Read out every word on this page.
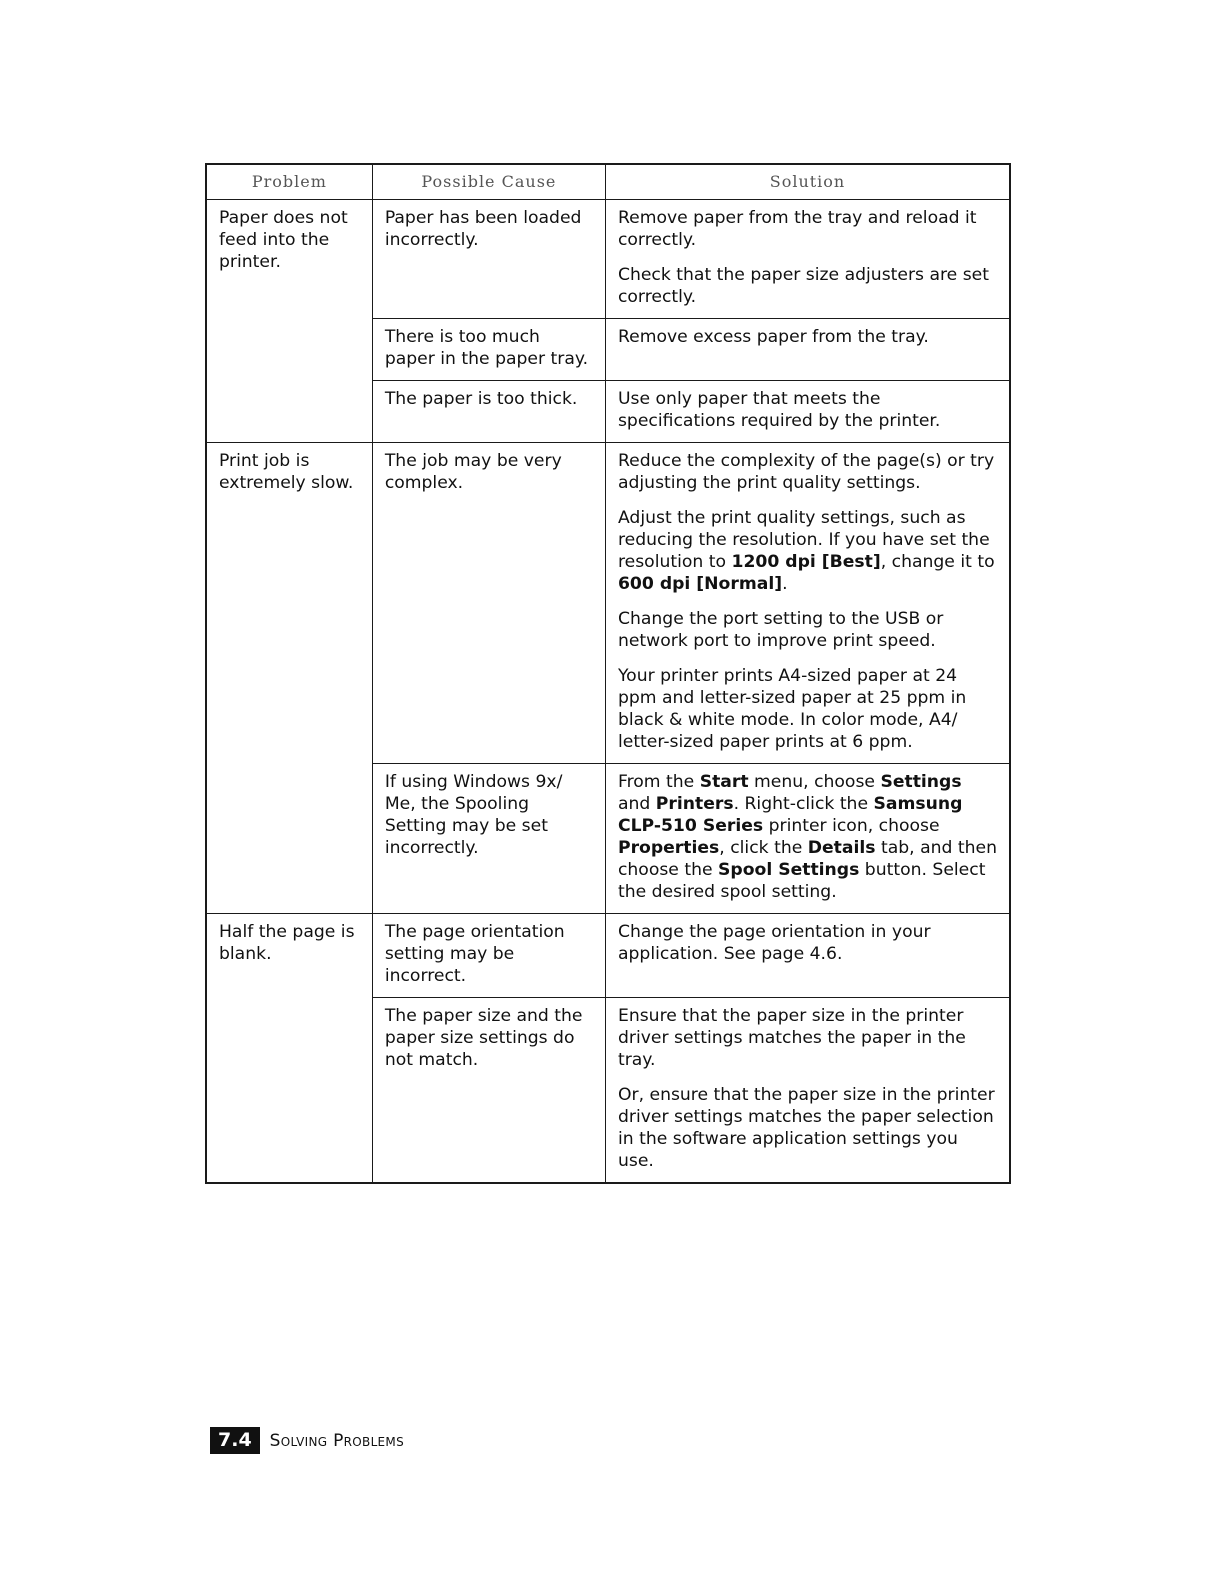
Problem	Possible Cause	Solution
Paper does not feed into the printer.	Paper has been loaded incorrectly.	Remove paper from the tray and reload it correctly.

Check that the paper size adjusters are set correctly.

	There is too much paper in the paper tray.	Remove excess paper from the tray.

	The paper is too thick.	Use only paper that meets the specifications required by the printer.

Print job is extremely slow.	The job may be very complex.	Reduce the complexity of the page(s) or try adjusting the print quality settings.

Adjust the print quality settings, such as reducing the resolution. If you have set the resolution to 1200 dpi [Best], change it to 600 dpi [Normal].

Change the port setting to the USB or network port to improve print speed.

Your printer prints A4-sized paper at 24 ppm and letter-sized paper at 25 ppm in black & white mode. In color mode, A4/ letter-sized paper prints at 6 ppm.

	If using Windows 9x/ Me, the Spooling Setting may be set incorrectly.	From the Start menu, choose Settings and Printers. Right-click the Samsung CLP-510 Series printer icon, choose Properties, click the Details tab, and then choose the Spool Settings button. Select the desired spool setting.

Half the page is blank.	The page orientation setting may be incorrect.	Change the page orientation in your application. See page 4.6.

	The paper size and the paper size settings do not match.	Ensure that the paper size in the printer driver settings matches the paper in the tray.

Or, ensure that the paper size in the printer driver settings matches the paper selection in the software application settings you use.

7.4	Solving Problems
